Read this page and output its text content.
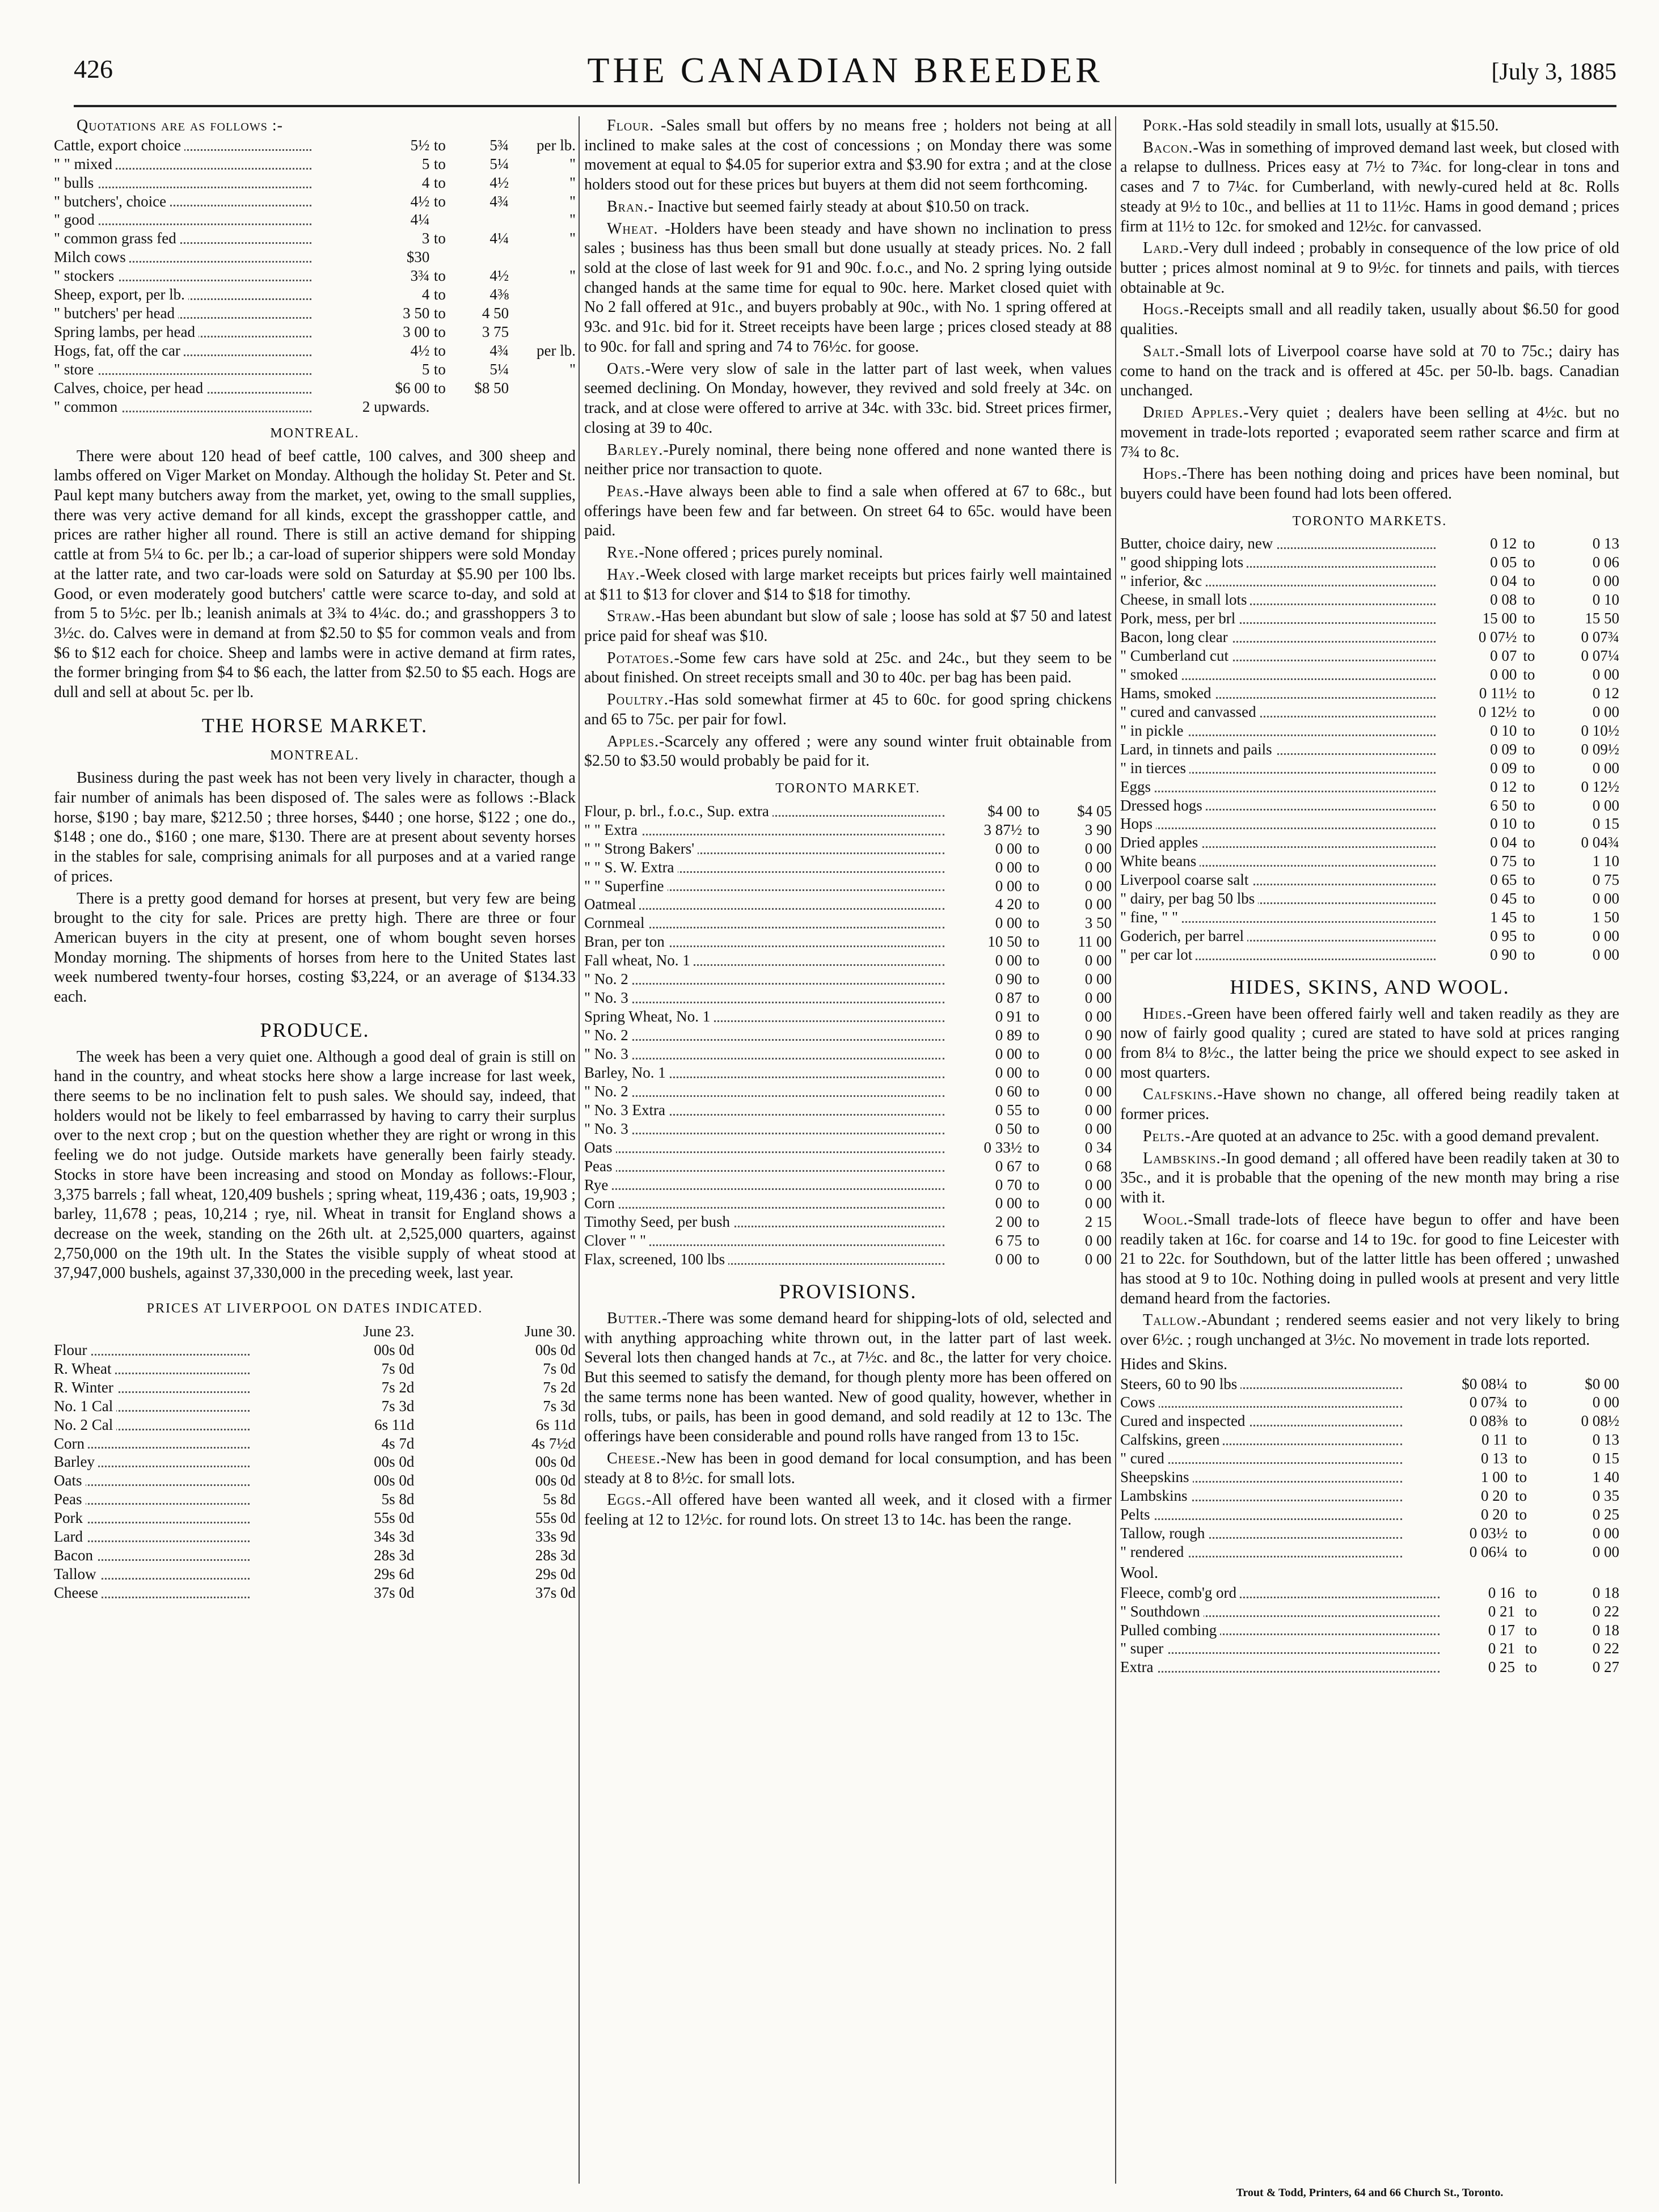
426	THE CANADIAN BREEDER	[July 3, 1885
Quotations are as follows :-
Cattle, export choice	5½	to	5¾	per lb.
" " mixed	5	to	5¼	"
" bulls	4	to	4½	"
" butchers', choice	4½	to	4¾	"
" good	4¼			"
" common grass fed	3	to	4¼	"
Milch cows	$30			
" stockers	3¾	to	4½	"
Sheep, export, per lb.	4	to	4⅜	
" butchers' per head	3 50	to	4 50	
Spring lambs, per head	3 00	to	3 75	
Hogs, fat, off the car	4½	to	4¾	per lb.
" store	5	to	5¼	"
Calves, choice, per head	$6 00	to	$8 50	
" common	2 upwards.			
MONTREAL.

There were about 120 head of beef cattle, 100 calves, and 300 sheep and lambs offered on Viger Market on Monday. Although the holiday St. Peter and St. Paul kept many butchers away from the market, yet, owing to the small supplies, there was very active demand for all kinds, except the grasshopper cattle, and prices are rather higher all round. There is still an active demand for shipping cattle at from 5¼ to 6c. per lb.; a car-load of superior shippers were sold Monday at the latter rate, and two car-loads were sold on Saturday at $5.90 per 100 lbs. Good, or even moderately good butchers' cattle were scarce to-day, and sold at from 5 to 5½c. per lb.; leanish animals at 3¾ to 4¼c. do.; and grasshoppers 3 to 3½c. do. Calves were in demand at from $2.50 to $5 for common veals and from $6 to $12 each for choice. Sheep and lambs were in active demand at firm rates, the former bringing from $4 to $6 each, the latter from $2.50 to $5 each. Hogs are dull and sell at about 5c. per lb.

THE HORSE MARKET.
MONTREAL.

Business during the past week has not been very lively in character, though a fair number of animals has been disposed of. The sales were as follows :-Black horse, $190 ; bay mare, $212.50 ; three horses, $440 ; one horse, $122 ; one do., $148 ; one do., $160 ; one mare, $130. There are at present about seventy horses in the stables for sale, comprising animals for all purposes and at a varied range of prices.

There is a pretty good demand for horses at present, but very few are being brought to the city for sale. Prices are pretty high. There are three or four American buyers in the city at present, one of whom bought seven horses Monday morning. The shipments of horses from here to the United States last week numbered twenty-four horses, costing $3,224, or an average of $134.33 each.

PRODUCE.

The week has been a very quiet one. Although a good deal of grain is still on hand in the country, and wheat stocks here show a large increase for last week, there seems to be no inclination felt to push sales. We should say, indeed, that holders would not be likely to feel embarrassed by having to carry their surplus over to the next crop ; but on the question whether they are right or wrong in this feeling we do not judge. Outside markets have generally been fairly steady. Stocks in store have been increasing and stood on Monday as follows:-Flour, 3,375 barrels ; fall wheat, 120,409 bushels ; spring wheat, 119,436 ; oats, 19,903 ; barley, 11,678 ; peas, 10,214 ; rye, nil. Wheat in transit for England shows a decrease on the week, standing on the 26th ult. at 2,525,000 quarters, against 2,750,000 on the 19th ult. In the States the visible supply of wheat stood at 37,947,000 bushels, against 37,330,000 in the preceding week, last year.

PRICES AT LIVERPOOL ON DATES INDICATED.
	June 23.	June 30.
Flour	00s 0d	00s 0d
R. Wheat	7s 0d	7s 0d
R. Winter	7s 2d	7s 2d
No. 1 Cal	7s 3d	7s 3d
No. 2 Cal	6s 11d	6s 11d
Corn	4s 7d	4s 7½d
Barley	00s 0d	00s 0d
Oats	00s 0d	00s 0d
Peas	5s 8d	5s 8d
Pork	55s 0d	55s 0d
Lard	34s 3d	33s 9d
Bacon	28s 3d	28s 3d
Tallow	29s 6d	29s 0d
Cheese	37s 0d	37s 0d

Flour. -Sales small but offers by no means free ; holders not being at all inclined to make sales at the cost of concessions ; on Monday there was some movement at equal to $4.05 for superior extra and $3.90 for extra ; and at the close holders stood out for these prices but buyers at them did not seem forthcoming.

Bran.- Inactive but seemed fairly steady at about $10.50 on track.

Wheat. -Holders have been steady and have shown no inclination to press sales ; business has thus been small but done usually at steady prices. No. 2 fall sold at the close of last week for 91 and 90c. f.o.c., and No. 2 spring lying outside changed hands at the same time for equal to 90c. here. Market closed quiet with No 2 fall offered at 91c., and buyers probably at 90c., with No. 1 spring offered at 93c. and 91c. bid for it. Street receipts have been large ; prices closed steady at 88 to 90c. for fall and spring and 74 to 76½c. for goose.

Oats.-Were very slow of sale in the latter part of last week, when values seemed declining. On Monday, however, they revived and sold freely at 34c. on track, and at close were offered to arrive at 34c. with 33c. bid. Street prices firmer, closing at 39 to 40c.

Barley.-Purely nominal, there being none offered and none wanted there is neither price nor transaction to quote.

Peas.-Have always been able to find a sale when offered at 67 to 68c., but offerings have been few and far between. On street 64 to 65c. would have been paid.

Rye.-None offered ; prices purely nominal.

Hay.-Week closed with large market receipts but prices fairly well maintained at $11 to $13 for clover and $14 to $18 for timothy.

Straw.-Has been abundant but slow of sale ; loose has sold at $7 50 and latest price paid for sheaf was $10.

Potatoes.-Some few cars have sold at 25c. and 24c., but they seem to be about finished. On street receipts small and 30 to 40c. per bag has been paid.

Poultry.-Has sold somewhat firmer at 45 to 60c. for good spring chickens and 65 to 75c. per pair for fowl.

Apples.-Scarcely any offered ; were any sound winter fruit obtainable from $2.50 to $3.50 would probably be paid for it.

TORONTO MARKET.
Flour, p. brl., f.o.c., Sup. extra	$4 00	to	$4 05
" " Extra	3 87½	to	3 90
" " Strong Bakers'	0 00	to	0 00
" " S. W. Extra	0 00	to	0 00
" " Superfine	0 00	to	0 00
Oatmeal	4 20	to	0 00
Cornmeal	0 00	to	3 50
Bran, per ton	10 50	to	11 00
Fall wheat, No. 1	0 00	to	0 00
" No. 2	0 90	to	0 00
" No. 3	0 87	to	0 00
Spring Wheat, No. 1	0 91	to	0 00
" No. 2	0 89	to	0 90
" No. 3	0 00	to	0 00
Barley, No. 1	0 00	to	0 00
" No. 2	0 60	to	0 00
" No. 3 Extra	0 55	to	0 00
" No. 3	0 50	to	0 00
Oats	0 33½	to	0 34
Peas	0 67	to	0 68
Rye	0 70	to	0 00
Corn	0 00	to	0 00
Timothy Seed, per bush	2 00	to	2 15
Clover " "	6 75	to	0 00
Flax, screened, 100 lbs	0 00	to	0 00
PROVISIONS.

Butter.-There was some demand heard for shipping-lots of old, selected and with anything approaching white thrown out, in the latter part of last week. Several lots then changed hands at 7c., at 7½c. and 8c., the latter for very choice. But this seemed to satisfy the demand, for though plenty more has been offered on the same terms none has been wanted. New of good quality, however, whether in rolls, tubs, or pails, has been in good demand, and sold readily at 12 to 13c. The offerings have been considerable and pound rolls have ranged from 13 to 15c.

Cheese.-New has been in good demand for local consumption, and has been steady at 8 to 8½c. for small lots.

Eggs.-All offered have been wanted all week, and it closed with a firmer feeling at 12 to 12½c. for round lots. On street 13 to 14c. has been the range.

Pork.-Has sold steadily in small lots, usually at $15.50.

Bacon.-Was in something of improved demand last week, but closed with a relapse to dullness. Prices easy at 7½ to 7¾c. for long-clear in tons and cases and 7 to 7¼c. for Cumberland, with newly-cured held at 8c. Rolls steady at 9½ to 10c., and bellies at 11 to 11½c. Hams in good demand ; prices firm at 11½ to 12c. for smoked and 12½c. for canvassed.

Lard.-Very dull indeed ; probably in consequence of the low price of old butter ; prices almost nominal at 9 to 9½c. for tinnets and pails, with tierces obtainable at 9c.

Hogs.-Receipts small and all readily taken, usually about $6.50 for good qualities.

Salt.-Small lots of Liverpool coarse have sold at 70 to 75c.; dairy has come to hand on the track and is offered at 45c. per 50-lb. bags. Canadian unchanged.

Dried Apples.-Very quiet ; dealers have been selling at 4½c. but no movement in trade-lots reported ; evaporated seem rather scarce and firm at 7¾ to 8c.

Hops.-There has been nothing doing and prices have been nominal, but buyers could have been found had lots been offered.

TORONTO MARKETS.
Butter, choice dairy, new	0 12	to	0 13
" good shipping lots	0 05	to	0 06
" inferior, &c	0 04	to	0 00
Cheese, in small lots	0 08	to	0 10
Pork, mess, per brl	15 00	to	15 50
Bacon, long clear	0 07½	to	0 07¾
" Cumberland cut	0 07	to	0 07¼
" smoked	0 00	to	0 00
Hams, smoked	0 11½	to	0 12
" cured and canvassed	0 12½	to	0 00
" in pickle	0 10	to	0 10½
Lard, in tinnets and pails	0 09	to	0 09½
" in tierces	0 09	to	0 00
Eggs	0 12	to	0 12½
Dressed hogs	6 50	to	0 00
Hops	0 10	to	0 15
Dried apples	0 04	to	0 04¾
White beans	0 75	to	1 10
Liverpool coarse salt	0 65	to	0 75
" dairy, per bag 50 lbs	0 45	to	0 00
" fine, " "	1 45	to	1 50
Goderich, per barrel	0 95	to	0 00
" per car lot	0 90	to	0 00
HIDES, SKINS, AND WOOL.

Hides.-Green have been offered fairly well and taken readily as they are now of fairly good quality ; cured are stated to have sold at prices ranging from 8¼ to 8½c., the latter being the price we should expect to see asked in most quarters.

Calfskins.-Have shown no change, all offered being readily taken at former prices.

Pelts.-Are quoted at an advance to 25c. with a good demand prevalent.

Lambskins.-In good demand ; all offered have been readily taken at 30 to 35c., and it is probable that the opening of the new month may bring a rise with it.

Wool.-Small trade-lots of fleece have begun to offer and have been readily taken at 16c. for coarse and 14 to 19c. for good to fine Leicester with 21 to 22c. for Southdown, but of the latter little has been offered ; unwashed has stood at 9 to 10c. Nothing doing in pulled wools at present and very little demand heard from the factories.

Tallow.-Abundant ; rendered seems easier and not very likely to bring over 6½c. ; rough unchanged at 3½c. No movement in trade lots reported.

Hides and Skins.
Steers, 60 to 90 lbs	$0 08¼	to	$0 00
Cows	0 07¾	to	0 00
Cured and inspected	0 08⅜	to	0 08½
Calfskins, green	0 11	to	0 13
" cured	0 13	to	0 15
Sheepskins	1 00	to	1 40
Lambskins	0 20	to	0 35
Pelts	0 20	to	0 25
Tallow, rough	0 03½	to	0 00
" rendered	0 06¼	to	0 00
Wool.
Fleece, comb'g ord	0 16	to	0 18
" Southdown	0 21	to	0 22
Pulled combing	0 17	to	0 18
" super	0 21	to	0 22
Extra	0 25	to	0 27
Trout & Todd, Printers, 64 and 66 Church St., Toronto.
